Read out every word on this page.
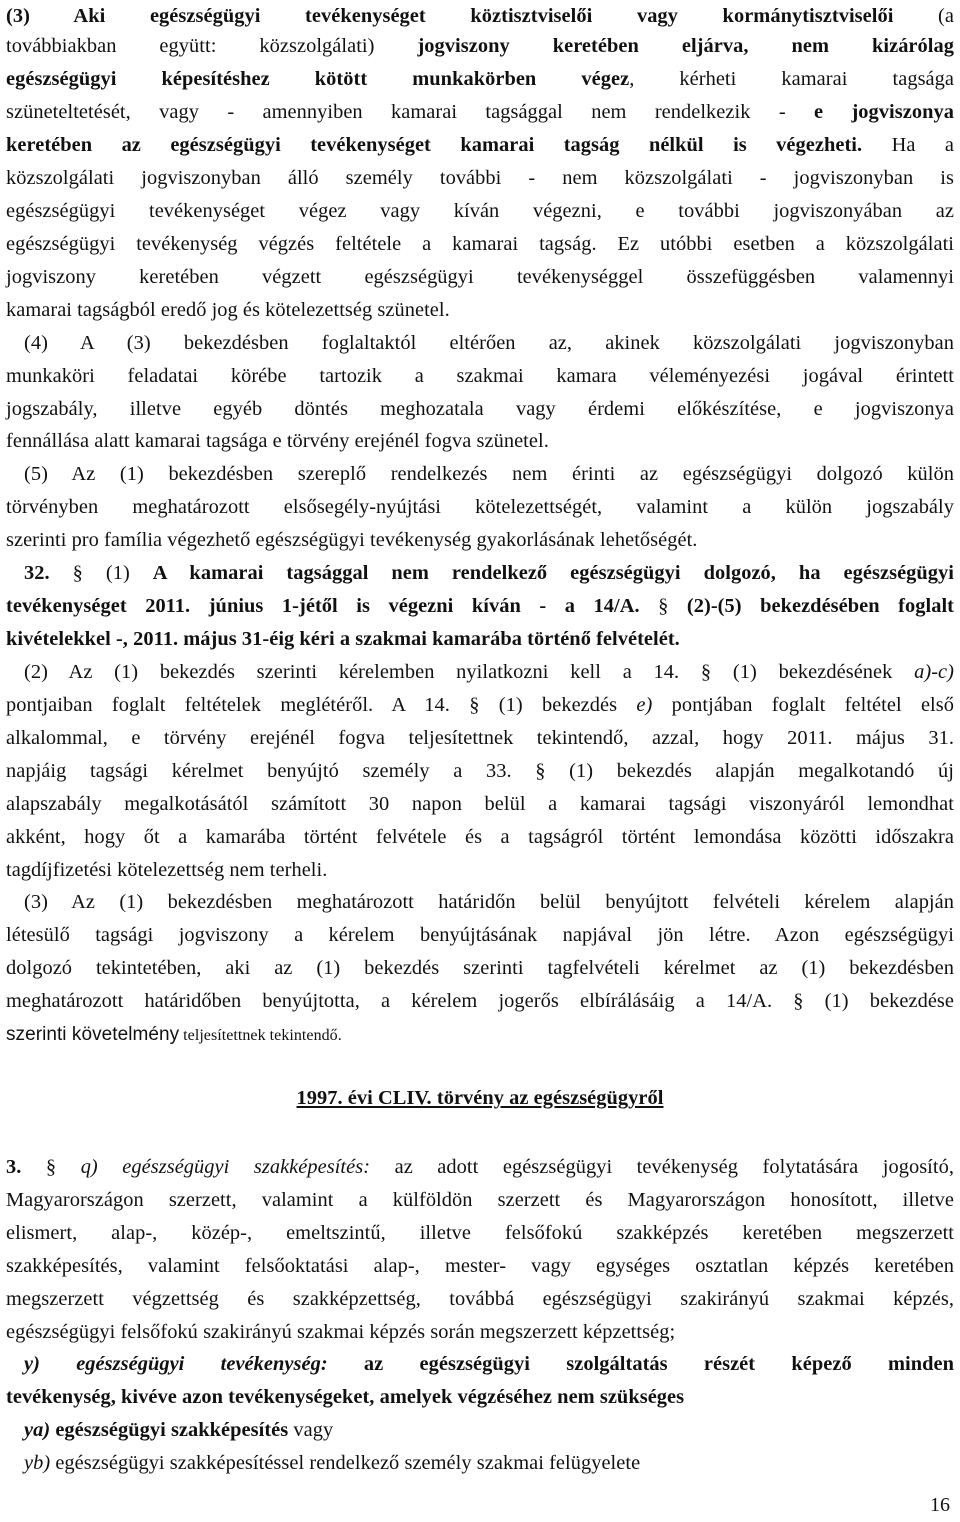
(3) Aki egészségügyi tevékenységet köztisztviselői vagy kormánytisztviselői (a
továbbiakban együtt: közszolgálati) jogviszony keretében eljárva, nem kizárólag
egészségügyi képesítéshez kötött munkakörben végez, kérheti kamarai tagsága
szüneteltetését, vagy - amennyiben kamarai tagsággal nem rendelkezik - e jogviszonya
keretében az egészségügyi tevékenységet kamarai tagság nélkül is végezheti. Ha a
közszolgálati jogviszonyban álló személy további - nem közszolgálati - jogviszonyban is
egészségügyi tevékenységet végez vagy kíván végezni, e további jogviszonyában az
egészségügyi tevékenység végzés feltétele a kamarai tagság. Ez utóbbi esetben a közszolgálati
jogviszony keretében végzett egészségügyi tevékenységgel összefüggésben valamennyi
kamarai tagságból eredő jog és kötelezettség szünetel.
(4) A (3) bekezdésben foglaltaktól eltérően az, akinek közszolgálati jogviszonyban
munkaköri feladatai körébe tartozik a szakmai kamara véleményezési jogával érintett
jogszabály, illetve egyéb döntés meghozatala vagy érdemi előkészítése, e jogviszonya
fennállása alatt kamarai tagsága e törvény erejénél fogva szünetel.
(5) Az (1) bekezdésben szereplő rendelkezés nem érinti az egészségügyi dolgozó külön
törvényben meghatározott elsősegély-nyújtási kötelezettségét, valamint a külön jogszabály
szerinti pro família végezhető egészségügyi tevékenység gyakorlásának lehetőségét.
32. § (1) A kamarai tagsággal nem rendelkező egészségügyi dolgozó, ha egészségügyi
tevékenységet 2011. június 1-jétől is végezni kíván - a 14/A. § (2)-(5) bekezdésében foglalt
kivételekkel -, 2011. május 31-éig kéri a szakmai kamarába történő felvételét.
(2) Az (1) bekezdés szerinti kérelemben nyilatkozni kell a 14. § (1) bekezdésének a)-c)
pontjaiban foglalt feltételek meglétéről. A 14. § (1) bekezdés e) pontjában foglalt feltétel első
alkalommal, e törvény erejénél fogva teljesítettnek tekintendő, azzal, hogy 2011. május 31.
napjáig tagsági kérelmet benyújtó személy a 33. § (1) bekezdés alapján megalkotandó új
alapszabály megalkotásától számított 30 napon belül a kamarai tagsági viszonyáról lemondhat
akként, hogy őt a kamarába történt felvétele és a tagságról történt lemondása közötti időszakra
tagdíjfizetési kötelezettség nem terheli.
(3) Az (1) bekezdésben meghatározott határidőn belül benyújtott felvételi kérelem alapján
létesülő tagsági jogviszony a kérelem benyújtásának napjával jön létre. Azon egészségügyi
dolgozó tekintetében, aki az (1) bekezdés szerinti tagfelvételi kérelmet az (1) bekezdésben
meghatározott határidőben benyújtotta, a kérelem jogerős elbírálásáig a 14/A. § (1) bekezdése
szerinti követelmény teljesítettnek tekintendő.
1997. évi CLIV. törvény az egészségügyről
3. § q) egészségügyi szakképesítés: az adott egészségügyi tevékenység folytatására jogosító,
Magyarországon szerzett, valamint a külföldön szerzett és Magyarországon honosított, illetve
elismert, alap-, közép-, emeltszintű, illetve felsőfokú szakképzés keretében megszerzett
szakképesítés, valamint felsőoktatási alap-, mester- vagy egységes osztatlan képzés keretében
megszerzett végzettség és szakképzettség, továbbá egészségügyi szakirányú szakmai képzés,
egészségügyi felsőfokú szakirányú szakmai képzés során megszerzett képzettség;
y) egészségügyi tevékenység: az egészségügyi szolgáltatás részét képező minden
tevékenység, kivéve azon tevékenységeket, amelyek végzéséhez nem szükséges
ya) egészségügyi szakképesítés vagy
yb) egészségügyi szakképesítéssel rendelkező személy szakmai felügyelete
16
